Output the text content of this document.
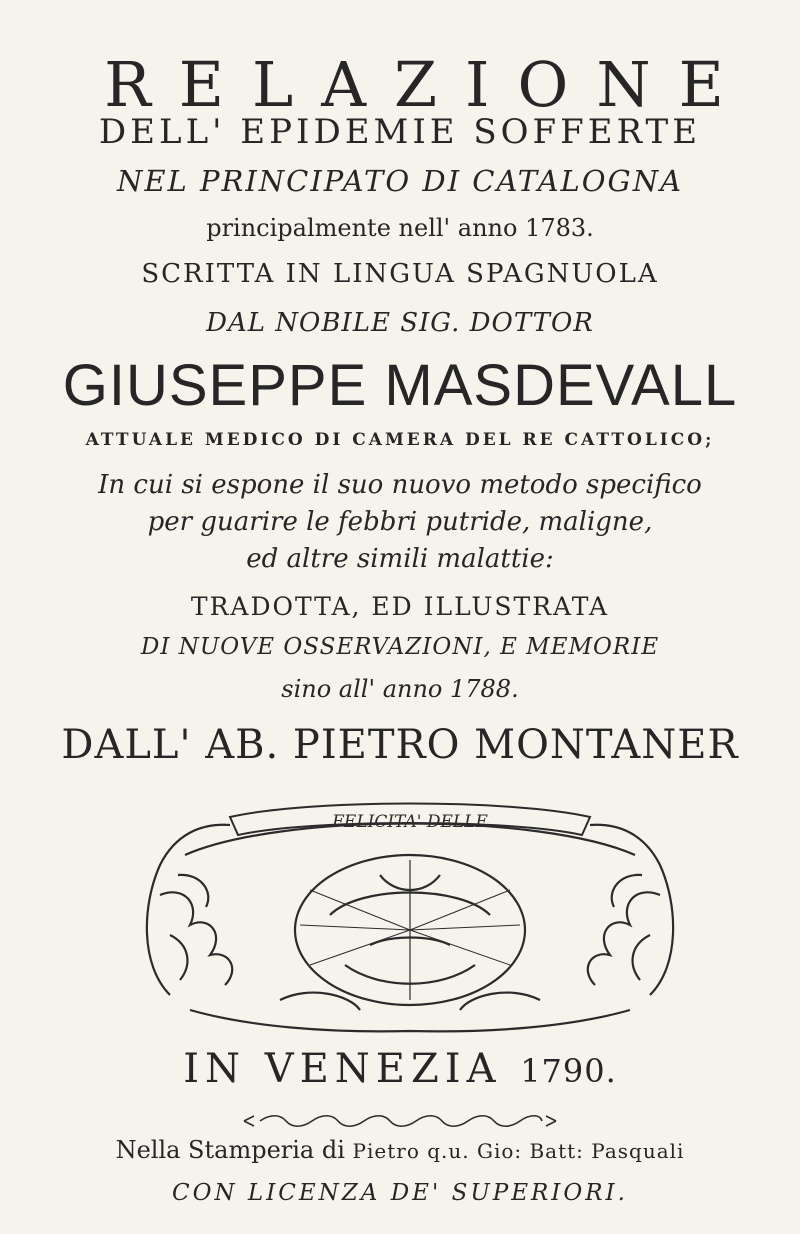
RELAZIONE
DELL' EPIDEMIE SOFFERTE
NEL PRINCIPATO DI CATALOGNA
principalmente nell' anno 1783.
SCRITTA IN LINGUA SPAGNUOLA
DAL NOBILE SIG. DOTTOR
GIUSEPPE MASDEVALL
ATTUALE MEDICO DI CAMERA DEL RE CATTOLICO;
In cui si espone il suo nuovo metodo specifico
per guarire le febbri putride, maligne,
ed altre simili malattie:
TRADOTTA, ED ILLUSTRATA
DI NUOVE OSSERVAZIONI, E MEMORIE
sino all' anno 1788.
DALL' AB. PIETRO MONTANER
FELICITA' DELLE
IN VENEZIA 1790.
Nella Stamperia di Pietro q.u. Gio: Batt: Pasquali
CON LICENZA DE' SUPERIORI.
